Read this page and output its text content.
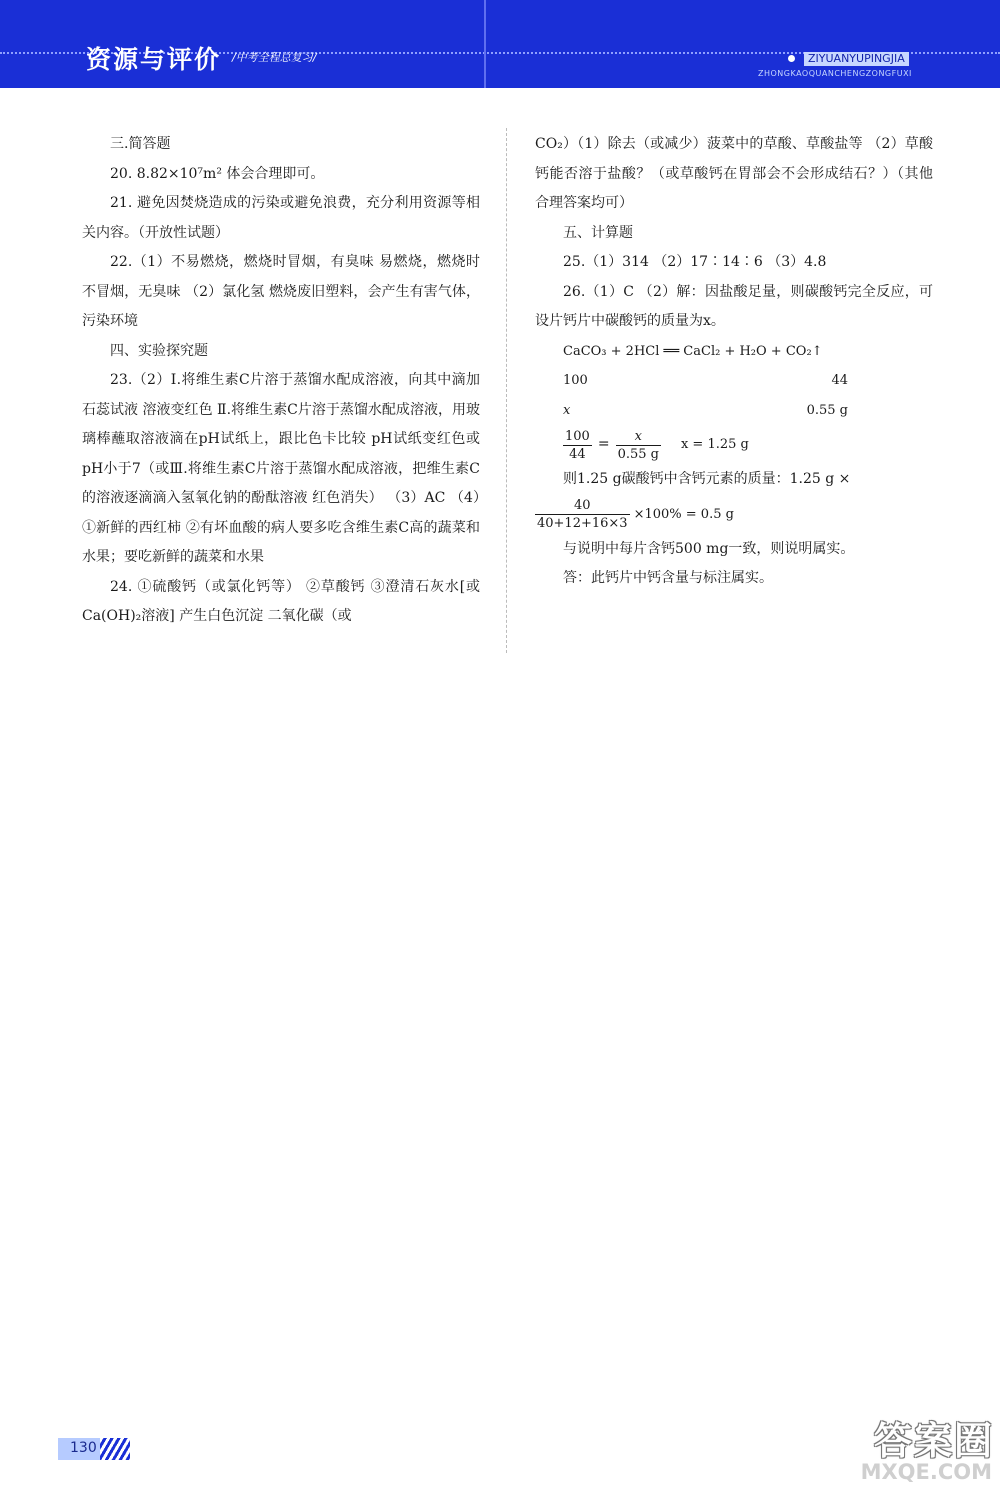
资源与评价 /中考全程总复习/	ZIYUANYUPINGJIA
ZHONGKAOQUANCHENGZONGFUXI

三.简答题

20. 8.82×10⁷m² 体会合理即可。

21. 避免因焚烧造成的污染或避免浪费，充分利用资源等相关内容。（开放性试题）

22.（1）不易燃烧，燃烧时冒烟，有臭味 易燃烧，燃烧时不冒烟，无臭味 （2）氯化氢 燃烧废旧塑料，会产生有害气体，污染环境

四、实验探究题

23.（2）Ⅰ.将维生素C片溶于蒸馏水配成溶液，向其中滴加石蕊试液 溶液变红色 Ⅱ.将维生素C片溶于蒸馏水配成溶液，用玻璃棒蘸取溶液滴在pH试纸上，跟比色卡比较 pH试纸变红色或pH小于7（或Ⅲ.将维生素C片溶于蒸馏水配成溶液，把维生素C的溶液逐滴滴入氢氧化钠的酚酞溶液 红色消失） （3）AC （4）①新鲜的西红柿 ②有坏血酸的病人要多吃含维生素C高的蔬菜和水果；要吃新鲜的蔬菜和水果

24. ①硫酸钙（或氯化钙等） ②草酸钙 ③澄清石灰水[或Ca(OH)₂溶液] 产生白色沉淀 二氧化碳（或

CO₂）（1）除去（或减少）菠菜中的草酸、草酸盐等 （2）草酸钙能否溶于盐酸？（或草酸钙在胃部会不会形成结石？）（其他合理答案均可）

五、计算题

25.（1）314 （2）17∶14∶6 （3）4.8

26.（1）C （2）解：因盐酸足量，则碳酸钙完全反应，可设片钙片中碳酸钙的质量为x。

CaCO₃ + 2HCl ══ CaCl₂ + H₂O + CO₂↑

100	44
x	0.55 g
$\frac{100}{44} = \frac{x}{0.55 g}$ x = 1.25 g

则1.25 g碳酸钙中含钙元素的质量：1.25 g ×

$\frac{40}{40+12+16\times 3} \times 100\% = 0.5$ g

与说明中每片含钙500 mg一致，则说明属实。

答：此钙片中钙含量与标注属实。

130	答案圈
MXQE.COM
